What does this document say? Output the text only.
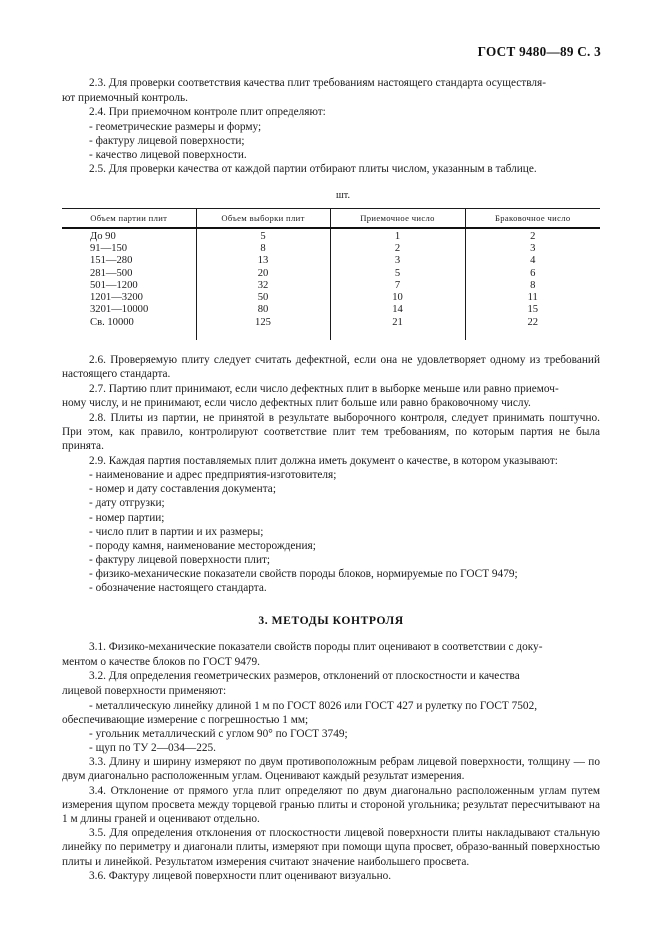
ГОСТ 9480—89 С. 3

2.3. Для проверки соответствия качества плит требованиям настоящего стандарта осуществля-

ют приемочный контроль.

2.4. При приемочном контроле плит определяют:

- геометрические размеры и форму;

- фактуру лицевой поверхности;

- качество лицевой поверхности.

2.5. Для проверки качества от каждой партии отбирают плиты числом, указанным в таблице.

шт.

Объем партии плит	Объем выборки плит	Приемочное число	Браковочное число
До 90	5	1	2
91—150	8	2	3
151—280	13	3	4
281—500	20	5	6
501—1200	32	7	8
1201—3200	50	10	11
3201—10000	80	14	15
Св. 10000	125	21	22

2.6. Проверяемую плиту следует считать дефектной, если она не удовлетворяет одному из требований настоящего стандарта.

2.7. Партию плит принимают, если число дефектных плит в выборке меньше или равно приемоч-

ному числу, и не принимают, если число дефектных плит больше или равно браковочному числу.

2.8. Плиты из партии, не принятой в результате выборочного контроля, следует принимать поштучно. При этом, как правило, контролируют соответствие плит тем требованиям, по которым партия не была принята.

2.9. Каждая партия поставляемых плит должна иметь документ о качестве, в котором указывают:

- наименование и адрес предприятия-изготовителя;

- номер и дату составления документа;

- дату отгрузки;

- номер партии;

- число плит в партии и их размеры;

- породу камня, наименование месторождения;

- фактуру лицевой поверхности плит;

- физико-механические показатели свойств породы блоков, нормируемые по ГОСТ 9479;

- обозначение настоящего стандарта.

3. МЕТОДЫ КОНТРОЛЯ

3.1. Физико-механические показатели свойств породы плит оценивают в соответствии с доку-

ментом о качестве блоков по ГОСТ 9479.

3.2. Для определения геометрических размеров, отклонений от плоскостности и качества

лицевой поверхности применяют:

- металлическую линейку длиной 1 м по ГОСТ 8026 или ГОСТ 427 и рулетку по ГОСТ 7502,

обеспечивающие измерение с погрешностью 1 мм;

- угольник металлический с углом 90° по ГОСТ 3749;

- щуп по ТУ 2—034—225.

3.3. Длину и ширину измеряют по двум противоположным ребрам лицевой поверхности, толщину — по двум диагонально расположенным углам. Оценивают каждый результат измерения.

3.4. Отклонение от прямого угла плит определяют по двум диагонально расположенным углам путем измерения щупом просвета между торцевой гранью плиты и стороной угольника; результат пересчитывают на 1 м длины граней и оценивают отдельно.

3.5. Для определения отклонения от плоскостности лицевой поверхности плиты накладывают стальную линейку по периметру и диагонали плиты, измеряют при помощи щупа просвет, образо-ванный поверхностью плиты и линейкой. Результатом измерения считают значение наибольшего просвета.

3.6. Фактуру лицевой поверхности плит оценивают визуально.
